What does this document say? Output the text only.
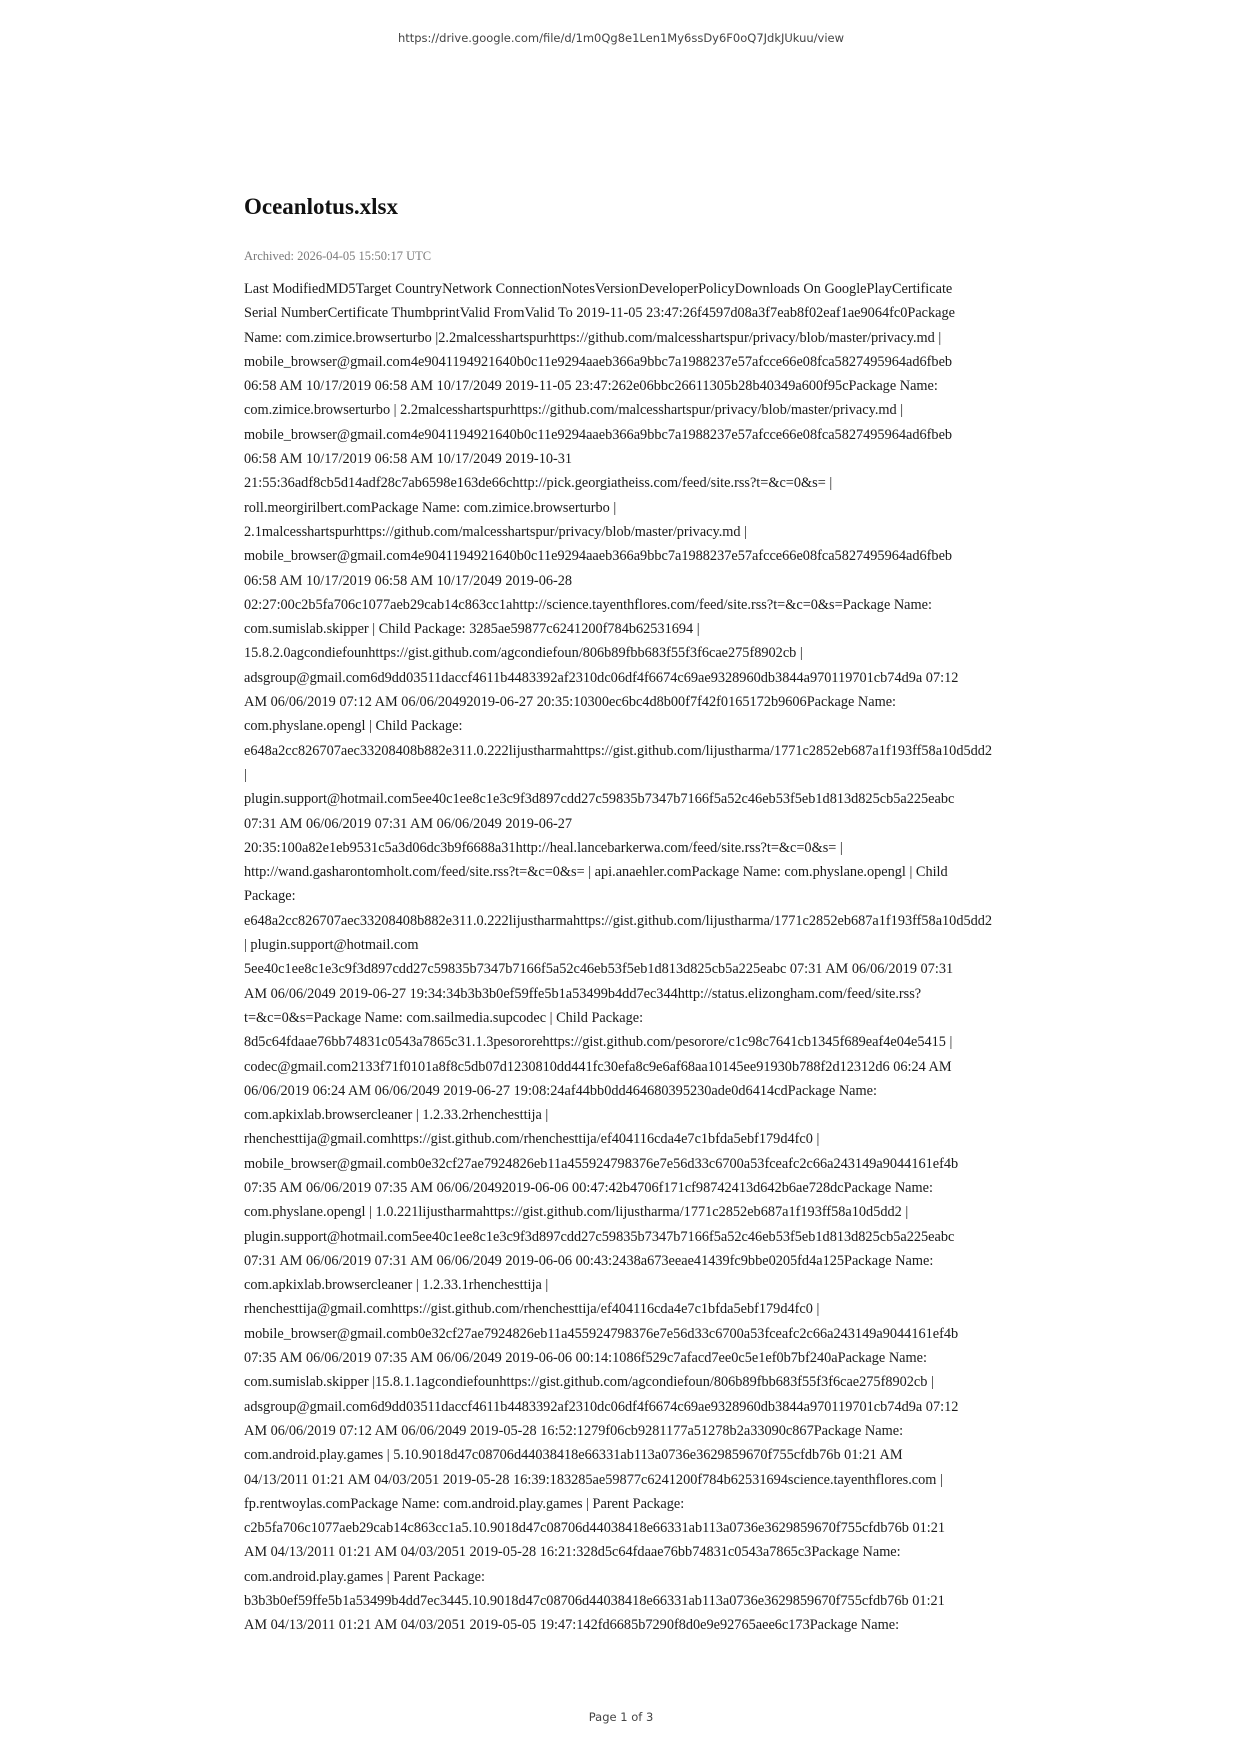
https://drive.google.com/file/d/1m0Qg8e1Len1My6ssDy6F0oQ7JdkJUkuu/view
Oceanlotus.xlsx
Archived: 2026-04-05 15:50:17 UTC
Last ModifiedMD5Target CountryNetwork ConnectionNotesVersionDeveloperPolicyDownloads On GooglePlayCertificate
Serial NumberCertificate ThumbprintValid FromValid To 2019-11-05 23:47:26f4597d08a3f7eab8f02eaf1ae9064fc0Package
Name: com.zimice.browserturbo |2.2malcesshartspurhttps://github.com/malcesshartspur/privacy/blob/master/privacy.md |
mobile_browser@gmail.com4e9041194921640b0c11e9294aaeb366a9bbc7a1988237e57afcce66e08fca5827495964ad6fbeb
06:58 AM 10/17/2019 06:58 AM 10/17/2049 2019-11-05 23:47:262e06bbc26611305b28b40349a600f95cPackage Name:
com.zimice.browserturbo | 2.2malcesshartspurhttps://github.com/malcesshartspur/privacy/blob/master/privacy.md |
mobile_browser@gmail.com4e9041194921640b0c11e9294aaeb366a9bbc7a1988237e57afcce66e08fca5827495964ad6fbeb
06:58 AM 10/17/2019 06:58 AM 10/17/2049 2019-10-31
21:55:36adf8cb5d14adf28c7ab6598e163de66chttp://pick.georgiatheiss.com/feed/site.rss?t=&c=0&s= |
roll.meorgirilbert.comPackage Name: com.zimice.browserturbo |
2.1malcesshartspurhttps://github.com/malcesshartspur/privacy/blob/master/privacy.md |
mobile_browser@gmail.com4e9041194921640b0c11e9294aaeb366a9bbc7a1988237e57afcce66e08fca5827495964ad6fbeb
06:58 AM 10/17/2019 06:58 AM 10/17/2049 2019-06-28
02:27:00c2b5fa706c1077aeb29cab14c863cc1ahttp://science.tayenthflores.com/feed/site.rss?t=&c=0&s=Package Name:
com.sumislab.skipper | Child Package: 3285ae59877c6241200f784b62531694 |
15.8.2.0agcondiefounhttps://gist.github.com/agcondiefoun/806b89fbb683f55f3f6cae275f8902cb |
adsgroup@gmail.com6d9dd03511daccf4611b4483392af2310dc06df4f6674c69ae9328960db3844a970119701cb74d9a 07:12
AM 06/06/2019 07:12 AM 06/06/20492019-06-27 20:35:10300ec6bc4d8b00f7f42f0165172b9606Package Name:
com.physlane.opengl | Child Package:
e648a2cc826707aec33208408b882e311.0.222lijustharmahttps://gist.github.com/lijustharma/1771c2852eb687a1f193ff58a10d5dd2
|
plugin.support@hotmail.com5ee40c1ee8c1e3c9f3d897cdd27c59835b7347b7166f5a52c46eb53f5eb1d813d825cb5a225eabc
07:31 AM 06/06/2019 07:31 AM 06/06/2049 2019-06-27
20:35:100a82e1eb9531c5a3d06dc3b9f6688a31http://heal.lancebarkerwa.com/feed/site.rss?t=&c=0&s= |
http://wand.gasharontomholt.com/feed/site.rss?t=&c=0&s= | api.anaehler.comPackage Name: com.physlane.opengl | Child
Package:
e648a2cc826707aec33208408b882e311.0.222lijustharmahttps://gist.github.com/lijustharma/1771c2852eb687a1f193ff58a10d5dd2
| plugin.support@hotmail.com
5ee40c1ee8c1e3c9f3d897cdd27c59835b7347b7166f5a52c46eb53f5eb1d813d825cb5a225eabc 07:31 AM 06/06/2019 07:31
AM 06/06/2049 2019-06-27 19:34:34b3b3b0ef59ffe5b1a53499b4dd7ec344http://status.elizongham.com/feed/site.rss?
t=&c=0&s=Package Name: com.sailmedia.supcodec | Child Package:
8d5c64fdaae76bb74831c0543a7865c31.1.3pesororehttps://gist.github.com/pesorore/c1c98c7641cb1345f689eaf4e04e5415 |
codec@gmail.com2133f71f0101a8f8c5db07d1230810dd441fc30efa8c9e6af68aa10145ee91930b788f2d12312d6 06:24 AM
06/06/2019 06:24 AM 06/06/2049 2019-06-27 19:08:24af44bb0dd464680395230ade0d6414cdPackage Name:
com.apkixlab.browsercleaner | 1.2.33.2rhenchesttija |
rhenchesttija@gmail.comhttps://gist.github.com/rhenchesttija/ef404116cda4e7c1bfda5ebf179d4fc0 |
mobile_browser@gmail.comb0e32cf27ae7924826eb11a455924798376e7e56d33c6700a53fceafc2c66a243149a9044161ef4b
07:35 AM 06/06/2019 07:35 AM 06/06/20492019-06-06 00:47:42b4706f171cf98742413d642b6ae728dcPackage Name:
com.physlane.opengl | 1.0.221lijustharmahttps://gist.github.com/lijustharma/1771c2852eb687a1f193ff58a10d5dd2 |
plugin.support@hotmail.com5ee40c1ee8c1e3c9f3d897cdd27c59835b7347b7166f5a52c46eb53f5eb1d813d825cb5a225eabc
07:31 AM 06/06/2019 07:31 AM 06/06/2049 2019-06-06 00:43:2438a673eeae41439fc9bbe0205fd4a125Package Name:
com.apkixlab.browsercleaner | 1.2.33.1rhenchesttija |
rhenchesttija@gmail.comhttps://gist.github.com/rhenchesttija/ef404116cda4e7c1bfda5ebf179d4fc0 |
mobile_browser@gmail.comb0e32cf27ae7924826eb11a455924798376e7e56d33c6700a53fceafc2c66a243149a9044161ef4b
07:35 AM 06/06/2019 07:35 AM 06/06/2049 2019-06-06 00:14:1086f529c7afacd7ee0c5e1ef0b7bf240aPackage Name:
com.sumislab.skipper |15.8.1.1agcondiefounhttps://gist.github.com/agcondiefoun/806b89fbb683f55f3f6cae275f8902cb |
adsgroup@gmail.com6d9dd03511daccf4611b4483392af2310dc06df4f6674c69ae9328960db3844a970119701cb74d9a 07:12
AM 06/06/2019 07:12 AM 06/06/2049 2019-05-28 16:52:1279f06cb9281177a51278b2a33090c867Package Name:
com.android.play.games | 5.10.9018d47c08706d44038418e66331ab113a0736e3629859670f755cfdb76b 01:21 AM
04/13/2011 01:21 AM 04/03/2051 2019-05-28 16:39:183285ae59877c6241200f784b62531694science.tayenthflores.com |
fp.rentwoylas.comPackage Name: com.android.play.games | Parent Package:
c2b5fa706c1077aeb29cab14c863cc1a5.10.9018d47c08706d44038418e66331ab113a0736e3629859670f755cfdb76b 01:21
AM 04/13/2011 01:21 AM 04/03/2051 2019-05-28 16:21:328d5c64fdaae76bb74831c0543a7865c3Package Name:
com.android.play.games | Parent Package:
b3b3b0ef59ffe5b1a53499b4dd7ec3445.10.9018d47c08706d44038418e66331ab113a0736e3629859670f755cfdb76b 01:21
AM 04/13/2011 01:21 AM 04/03/2051 2019-05-05 19:47:142fd6685b7290f8d0e9e92765aee6c173Package Name:
Page 1 of 3
